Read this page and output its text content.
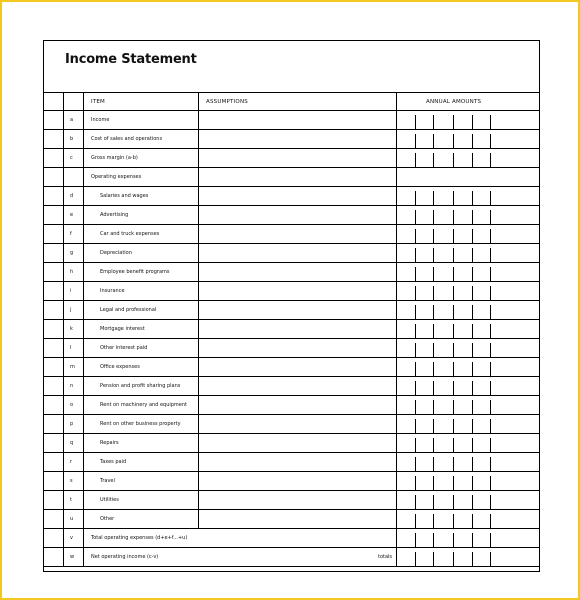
Income Statement
ITEM	ASSUMPTIONS	ANNUAL AMOUNTS
a	Income
b	Cost of sales and operations
c	Gross margin (a-b)
Operating expenses
d	Salaries and wages
e	Advertising
f	Car and truck expenses
g	Depreciation
h	Employee benefit programs
i	Insurance
j	Legal and professional
k	Mortgage interest
l	Other interest paid
m	Office expenses
n	Pension and profit sharing plans
o	Rent on machinery and equipment
p	Rent on other business property
q	Repairs
r	Taxes paid
s	Travel
t	Utilities
u	Other
v	Total operating expenses (d+e+f...+u)
w	Net operating income (c-v)	totals
